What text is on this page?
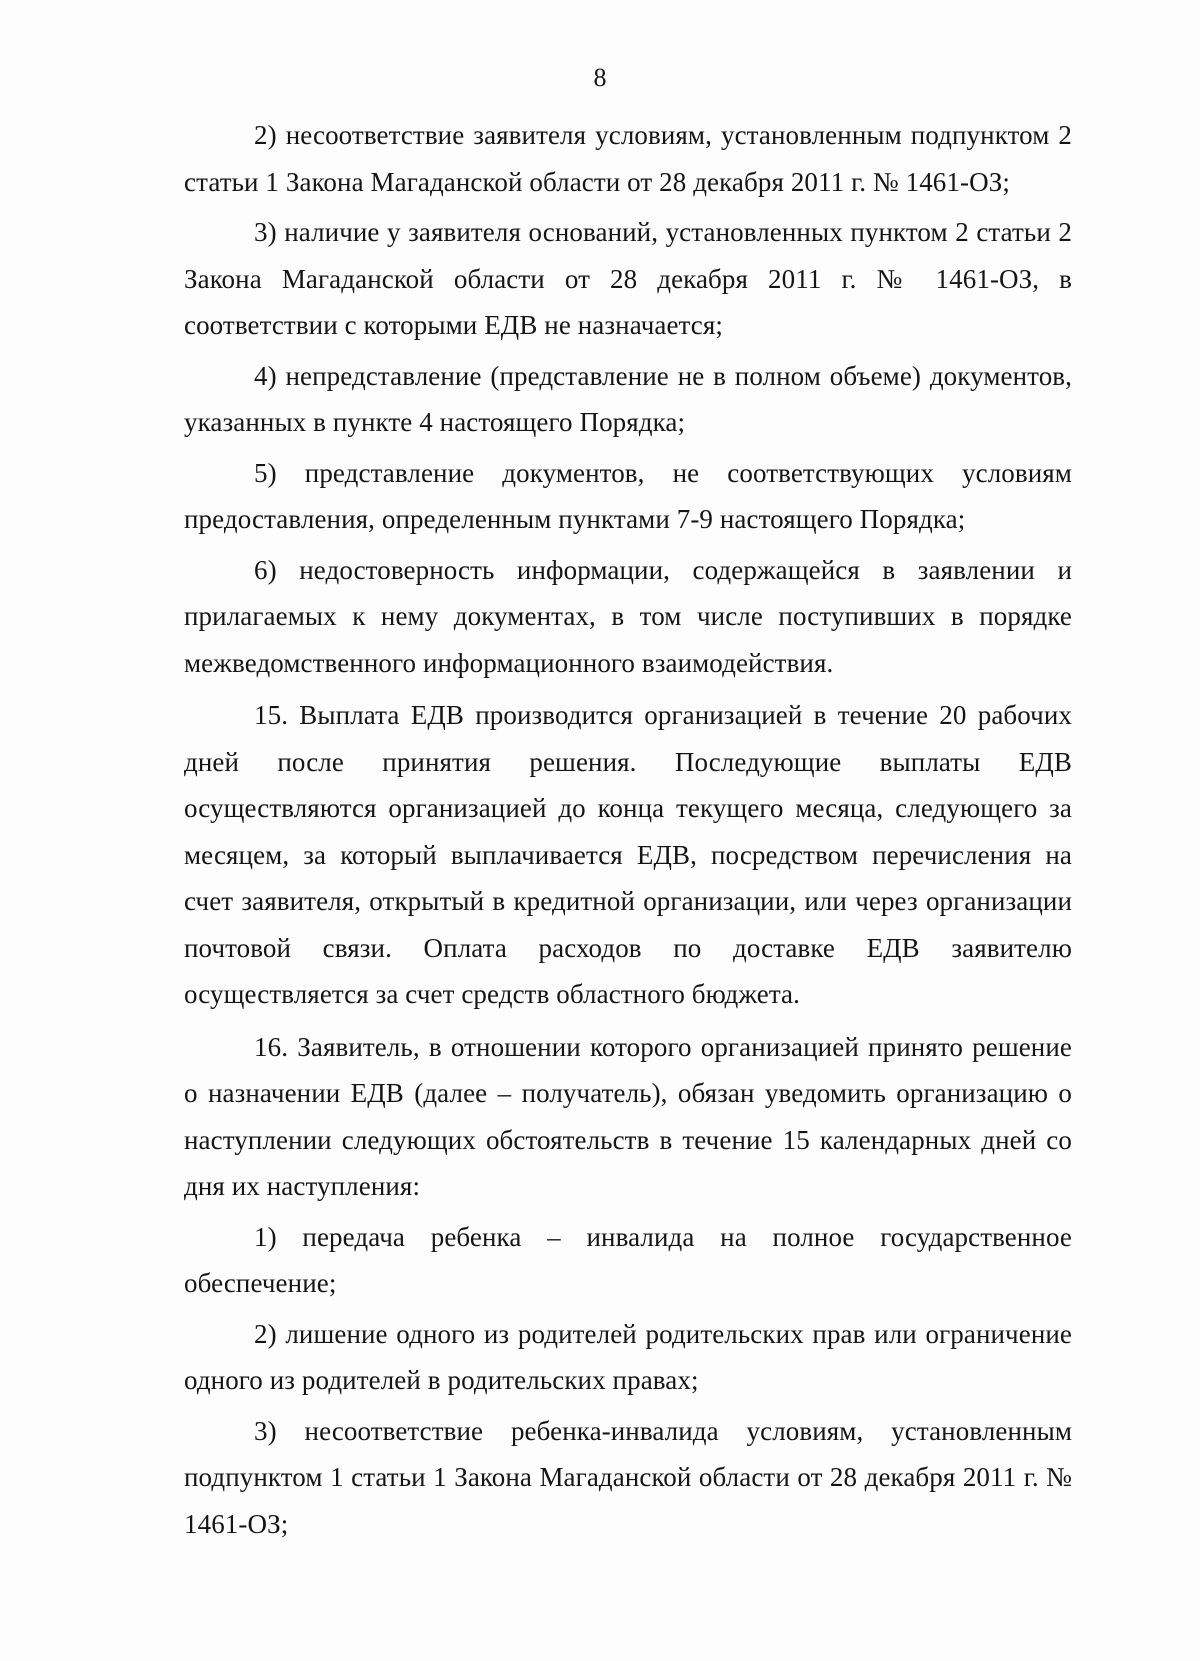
8

2) несоответствие заявителя условиям, установленным подпунктом 2 статьи 1 Закона Магаданской области от 28 декабря 2011 г. № 1461-ОЗ;

3) наличие у заявителя оснований, установленных пунктом 2 статьи 2 Закона Магаданской области от 28 декабря 2011 г. № 1461-ОЗ, в соответствии с которыми ЕДВ не назначается;

4) непредставление (представление не в полном объеме) документов, указанных в пункте 4 настоящего Порядка;

5) представление документов, не соответствующих условиям предоставления, определенным пунктами 7-9 настоящего Порядка;

6) недостоверность информации, содержащейся в заявлении и прилагаемых к нему документах, в том числе поступивших в порядке межведомственного информационного взаимодействия.

15. Выплата ЕДВ производится организацией в течение 20 рабочих дней после принятия решения. Последующие выплаты ЕДВ осуществляются организацией до конца текущего месяца, следующего за месяцем, за который выплачивается ЕДВ, посредством перечисления на счет заявителя, открытый в кредитной организации, или через организации почтовой связи. Оплата расходов по доставке ЕДВ заявителю осуществляется за счет средств областного бюджета.

16. Заявитель, в отношении которого организацией принято решение о назначении ЕДВ (далее – получатель), обязан уведомить организацию о наступлении следующих обстоятельств в течение 15 календарных дней со дня их наступления:

1) передача ребенка – инвалида на полное государственное обеспечение;

2) лишение одного из родителей родительских прав или ограничение одного из родителей в родительских правах;

3) несоответствие ребенка-инвалида условиям, установленным подпунктом 1 статьи 1 Закона Магаданской области от 28 декабря 2011 г. № 1461-ОЗ;
